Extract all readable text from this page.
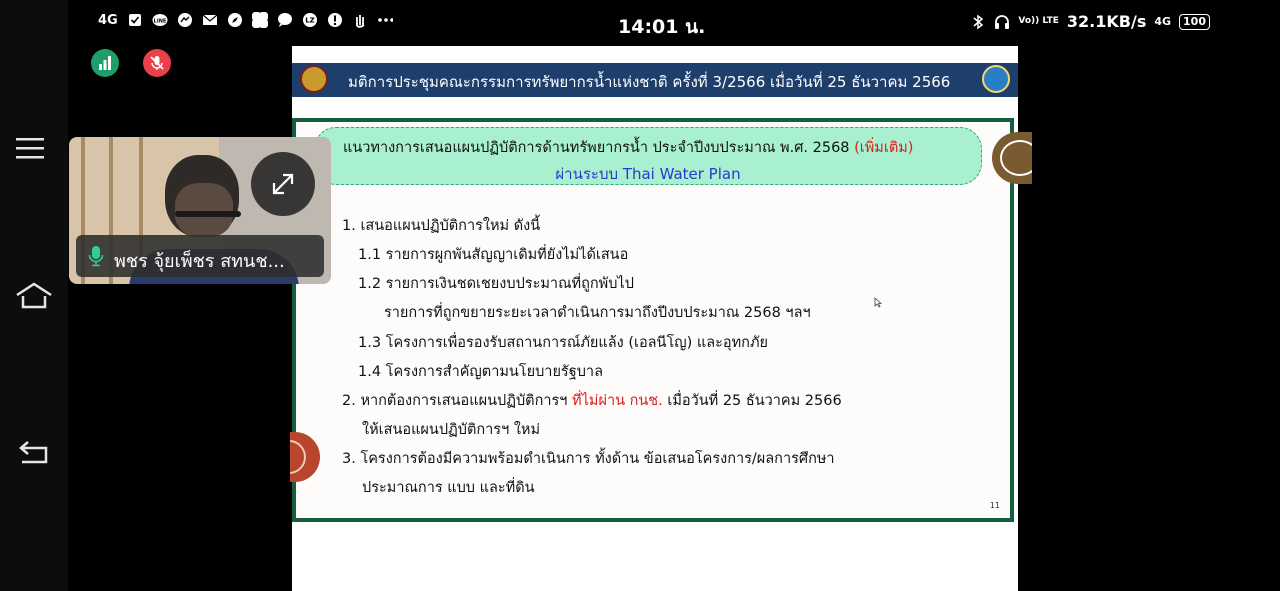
4G	LINE	LZ	14:01 น.	Vo)) LTE 32.1KB/s 4G	100
มติการประชุมคณะกรรมการทรัพยากรน้ำแห่งชาติ ครั้งที่ 3/2566 เมื่อวันที่ 25 ธันวาคม 2566
แนวทางการเสนอแผนปฏิบัติการด้านทรัพยากรน้ำ ประจำปีงบประมาณ พ.ศ. 2568 (เพิ่มเติม)
ผ่านระบบ Thai Water Plan
1. เสนอแผนปฏิบัติการใหม่ ดังนี้
1.1 รายการผูกพันสัญญาเดิมที่ยังไม่ได้เสนอ
1.2 รายการเงินชดเชยงบประมาณที่ถูกพับไป
รายการที่ถูกขยายระยะเวลาดำเนินการมาถึงปีงบประมาณ 2568 ฯลฯ
1.3 โครงการเพื่อรองรับสถานการณ์ภัยแล้ง (เอลนีโญ) และอุทกภัย
1.4 โครงการสำคัญตามนโยบายรัฐบาล
2. หากต้องการเสนอแผนปฏิบัติการฯ ที่ไม่ผ่าน กนช. เมื่อวันที่ 25 ธันวาคม 2566
ให้เสนอแผนปฏิบัติการฯ ใหม่
3. โครงการต้องมีความพร้อมดำเนินการ ทั้งด้าน ข้อเสนอโครงการ/ผลการศึกษา
ประมาณการ แบบ และที่ดิน
11
พชร จุ้ยเพ็ชร สทนช...
